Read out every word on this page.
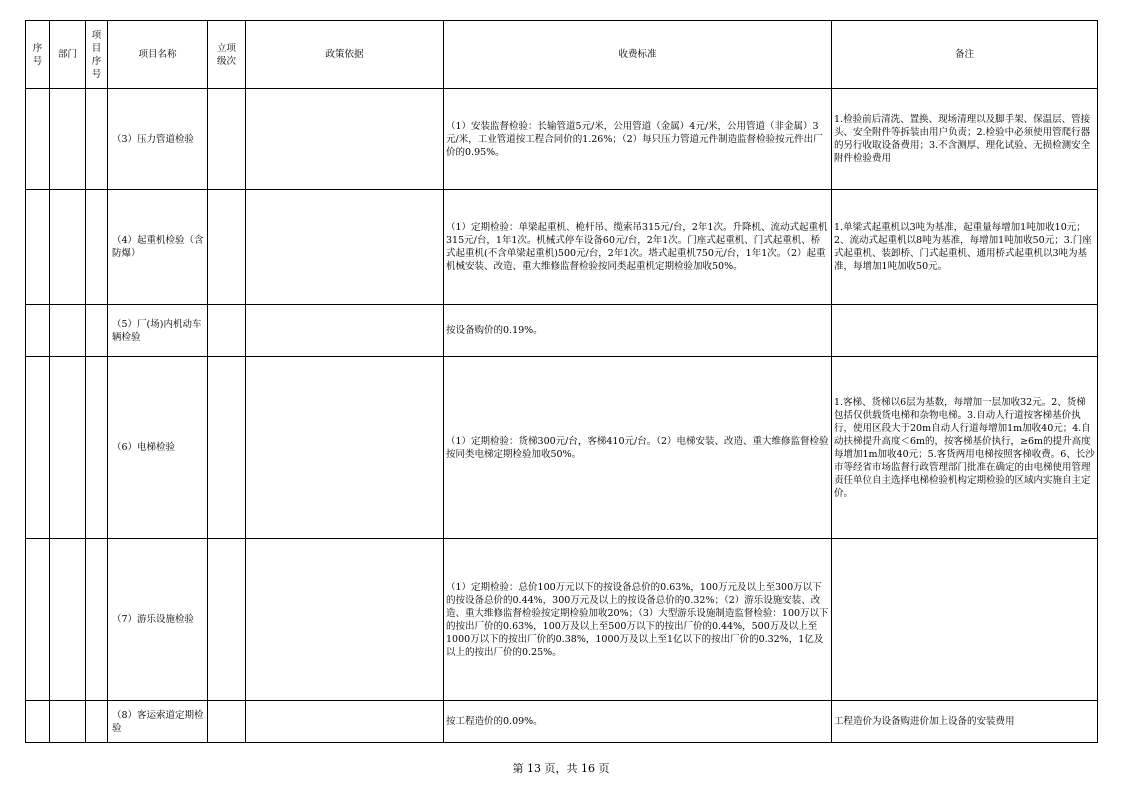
序号	部门	项目序号	项目名称	立项级次	政策依据	收费标准	备注
			（3）压力管道检验			（1）安装监督检验：长输管道5元/米，公用管道（金属）4元/米，公用管道（非金属）3元/米，工业管道按工程合同价的1.26%；（2）每只压力管道元件制造监督检验按元件出厂价的0.95%。	1.检验前后清洗、置换、现场清理以及脚手架、保温层、管接头、安全附件等拆装由用户负责；2.检验中必须使用管爬行器的另行收取设备费用；3.不含测厚、理化试验、无损检测安全附件检验费用
			（4）起重机检验（含防爆）			（1）定期检验：单梁起重机、桅杆吊、缆索吊315元/台，2年1次。升降机、流动式起重机315元/台，1年1次。机械式停车设备60元/台，2年1次。门座式起重机、门式起重机、桥式起重机(不含单梁起重机)500元/台，2年1次。塔式起重机750元/台，1年1次。（2）起重机械安装、改造、重大维修监督检验按同类起重机定期检验加收50%。	1.单梁式起重机以3吨为基准，起重量每增加1吨加收10元；2、流动式起重机以8吨为基准，每增加1吨加收50元；3.门座式起重机、装卸桥、门式起重机、通用桥式起重机以3吨为基准，每增加1吨加收50元。
			（5）厂(场)内机动车辆检验			按设备购价的0.19%。	
			（6）电梯检验			（1）定期检验：货梯300元/台，客梯410元/台。（2）电梯安装、改造、重大维修监督检验按同类电梯定期检验加收50%。	1.客梯、货梯以6层为基数，每增加一层加收32元。2、货梯包括仅供载货电梯和杂物电梯。3.自动人行道按客梯基价执行，使用区段大于20m自动人行道每增加1m加收40元；4.自动扶梯提升高度＜6m的，按客梯基价执行，≥6m的提升高度每增加1m加收40元；5.客货两用电梯按照客梯收费。6、长沙市等经省市场监督行政管理部门批准在确定的由电梯使用管理责任单位自主选择电梯检验机构定期检验的区域内实施自主定价。
			（7）游乐设施检验			（1）定期检验：总价100万元以下的按设备总价的0.63%，100万元及以上至300万以下的按设备总价的0.44%，300万元及以上的按设备总价的0.32%；（2）游乐设施安装、改造、重大维修监督检验按定期检验加收20%；（3）大型游乐设施制造监督检验：100万以下的按出厂价的0.63%，100万及以上至500万以下的按出厂价的0.44%，500万及以上至1000万以下的按出厂价的0.38%，1000万及以上至1亿以下的按出厂价的0.32%，1亿及以上的按出厂价的0.25%。	
			（8）客运索道定期检验			按工程造价的0.09%。	工程造价为设备购进价加上设备的安装费用
第 13 页，共 16 页
